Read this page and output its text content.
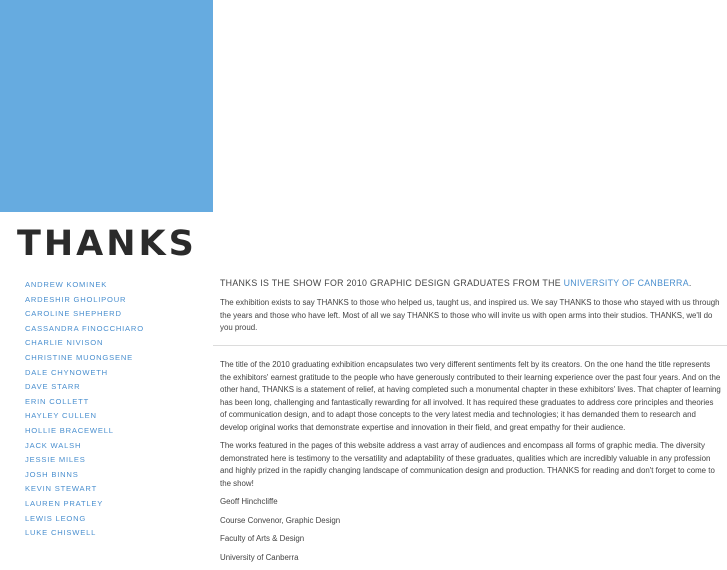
THANKS
ANDREW KOMINEK
ARDESHIR GHOLIPOUR
CAROLINE SHEPHERD
CASSANDRA FINOCCHIARO
CHARLIE NIVISON
CHRISTINE MUONGSENE
DALE CHYNOWETH
DAVE STARR
ERIN COLLETT
HAYLEY CULLEN
HOLLIE BRACEWELL
JACK WALSH
JESSIE MILES
JOSH BINNS
KEVIN STEWART
LAUREN PRATLEY
LEWIS LEONG
LUKE CHISWELL
THANKS IS THE SHOW FOR 2010 GRAPHIC DESIGN GRADUATES FROM THE UNIVERSITY OF CANBERRA.

The exhibition exists to say THANKS to those who helped us, taught us, and inspired us. We say THANKS to those who stayed with us through the years and those who have left. Most of all we say THANKS to those who will invite us with open arms into their studios. THANKS, we'll do you proud.

The title of the 2010 graduating exhibition encapsulates two very different sentiments felt by its creators. On the one hand the title represents the exhibitors' earnest gratitude to the people who have generously contributed to their learning experience over the past four years. And on the other hand, THANKS is a statement of relief, at having completed such a monumental chapter in these exhibitors' lives. That chapter of learning has been long, challenging and fantastically rewarding for all involved. It has required these graduates to address core principles and theories of communication design, and to adapt those concepts to the very latest media and technologies; it has demanded them to research and develop original works that demonstrate expertise and innovation in their field, and great empathy for their audience.

The works featured in the pages of this website address a vast array of audiences and encompass all forms of graphic media. The diversity demonstrated here is testimony to the versatility and adaptability of these graduates, qualities which are incredibly valuable in any profession and highly prized in the rapidly changing landscape of communication design and production. THANKS for reading and don't forget to come to the show!

Geoff Hinchcliffe

Course Convenor, Graphic Design

Faculty of Arts & Design

University of Canberra
